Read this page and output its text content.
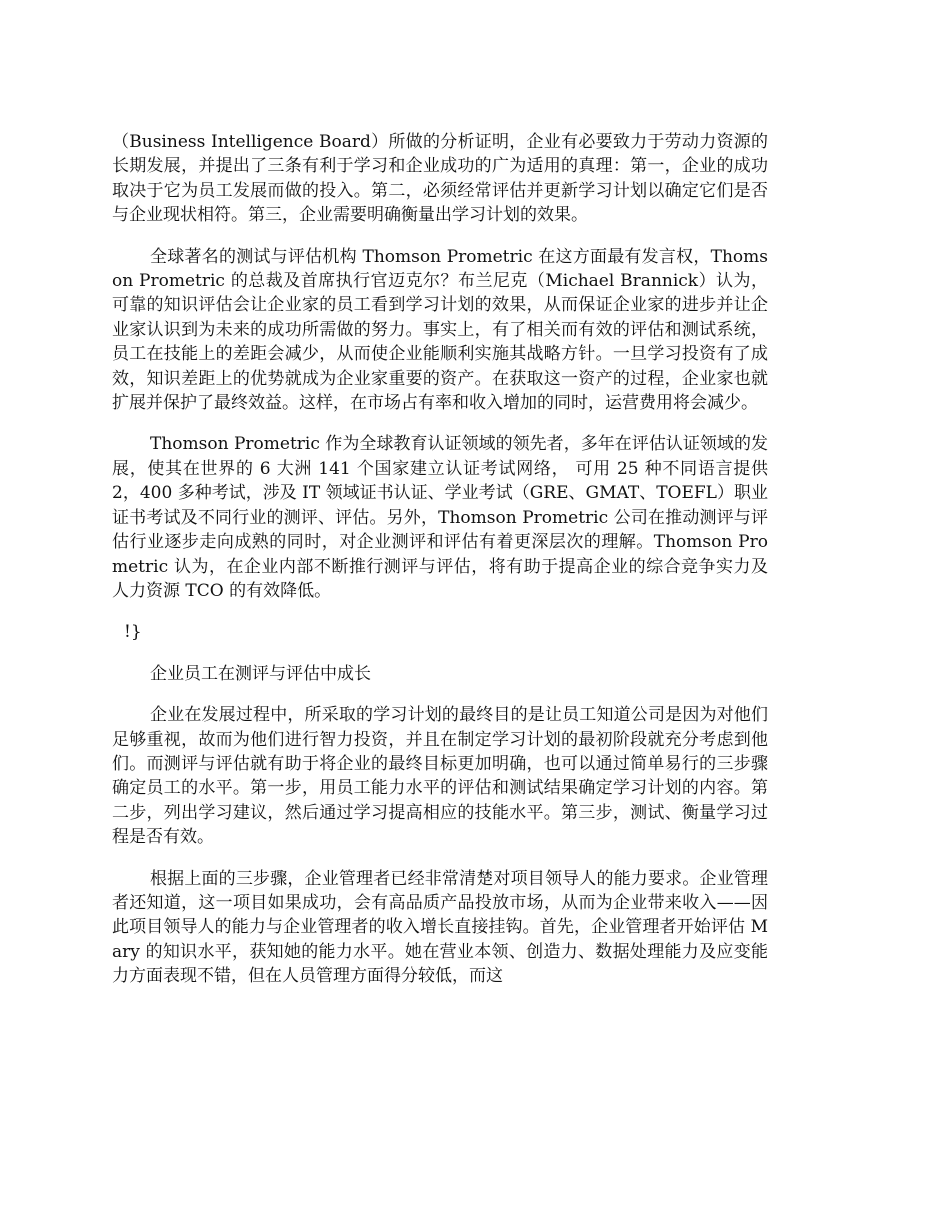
（Business Intelligence Board）所做的分析证明，企业有必要致力于劳动力资源的长期发展，并提出了三条有利于学习和企业成功的广为适用的真理：第一，企业的成功取决于它为员工发展而做的投入。第二，必须经常评估并更新学习计划以确定它们是否与企业现状相符。第三，企业需要明确衡量出学习计划的效果。

全球著名的测试与评估机构 Thomson Prometric 在这方面最有发言权，Thomson Prometric 的总裁及首席执行官迈克尔？布兰尼克（Michael Brannick）认为，可靠的知识评估会让企业家的员工看到学习计划的效果，从而保证企业家的进步并让企业家认识到为未来的成功所需做的努力。事实上，有了相关而有效的评估和测试系统，员工在技能上的差距会减少，从而使企业能顺利实施其战略方针。一旦学习投资有了成效，知识差距上的优势就成为企业家重要的资产。在获取这一资产的过程，企业家也就扩展并保护了最终效益。这样，在市场占有率和收入增加的同时，运营费用将会减少。

Thomson Prometric 作为全球教育认证领域的领先者，多年在评估认证领域的发展，使其在世界的 6 大洲 141 个国家建立认证考试网络， 可用 25 种不同语言提供 2，400 多种考试，涉及 IT 领域证书认证、学业考试（GRE、GMAT、TOEFL）职业证书考试及不同行业的测评、评估。另外，Thomson Prometric 公司在推动测评与评估行业逐步走向成熟的同时，对企业测评和评估有着更深层次的理解。Thomson Prometric 认为，在企业内部不断推行测评与评估，将有助于提高企业的综合竞争实力及人力资源 TCO 的有效降低。

!}
企业员工在测评与评估中成长

企业在发展过程中，所采取的学习计划的最终目的是让员工知道公司是因为对他们足够重视，故而为他们进行智力投资，并且在制定学习计划的最初阶段就充分考虑到他们。而测评与评估就有助于将企业的最终目标更加明确，也可以通过简单易行的三步骤确定员工的水平。第一步，用员工能力水平的评估和测试结果确定学习计划的内容。第二步，列出学习建议，然后通过学习提高相应的技能水平。第三步，测试、衡量学习过程是否有效。

根据上面的三步骤，企业管理者已经非常清楚对项目领导人的能力要求。企业管理者还知道，这一项目如果成功，会有高品质产品投放市场，从而为企业带来收入——因此项目领导人的能力与企业管理者的收入增长直接挂钩。首先，企业管理者开始评估 Mary 的知识水平，获知她的能力水平。她在营业本领、创造力、数据处理能力及应变能力方面表现不错，但在人员管理方面得分较低，而这
